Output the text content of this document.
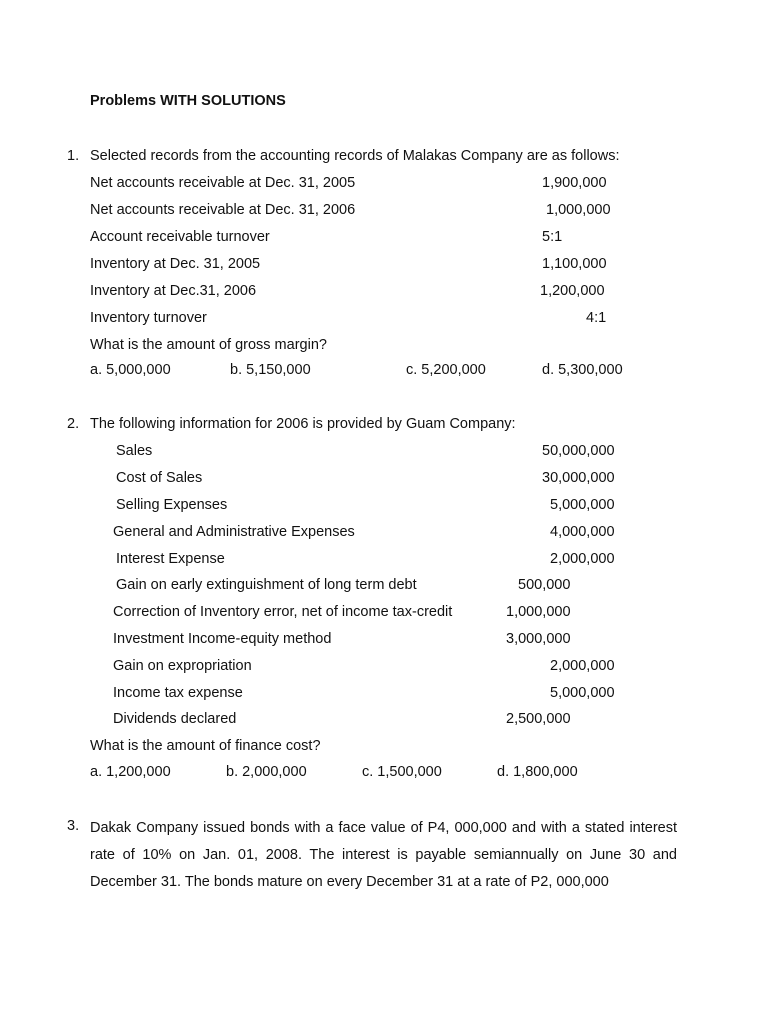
Problems WITH SOLUTIONS
1. Selected records from the accounting records of Malakas Company are as follows:
Net accounts receivable at Dec. 31, 2005	1,900,000
Net accounts receivable at Dec. 31, 2006	1,000,000
Account receivable turnover	5:1
Inventory at Dec. 31, 2005	1,100,000
Inventory at Dec.31, 2006	1,200,000
Inventory turnover	4:1
What is the amount of gross margin?
a. 5,000,000	b. 5,150,000	c. 5,200,000	d. 5,300,000
2. The following information for 2006 is provided by Guam Company:
Sales	50,000,000
Cost of Sales	30,000,000
Selling Expenses	5,000,000
General and Administrative Expenses	4,000,000
Interest Expense	2,000,000
Gain on early extinguishment of long term debt	500,000
Correction of Inventory error, net of income tax-credit	1,000,000
Investment Income-equity method	3,000,000
Gain on expropriation	2,000,000
Income tax expense	5,000,000
Dividends declared	2,500,000
What is the amount of finance cost?
a. 1,200,000	b. 2,000,000	c. 1,500,000	d. 1,800,000
3. Dakak Company issued bonds with a face value of P4, 000,000 and with a stated interest rate of 10% on Jan. 01, 2008. The interest is payable semiannually on June 30 and December 31. The bonds mature on every December 31 at a rate of P2, 000,000
